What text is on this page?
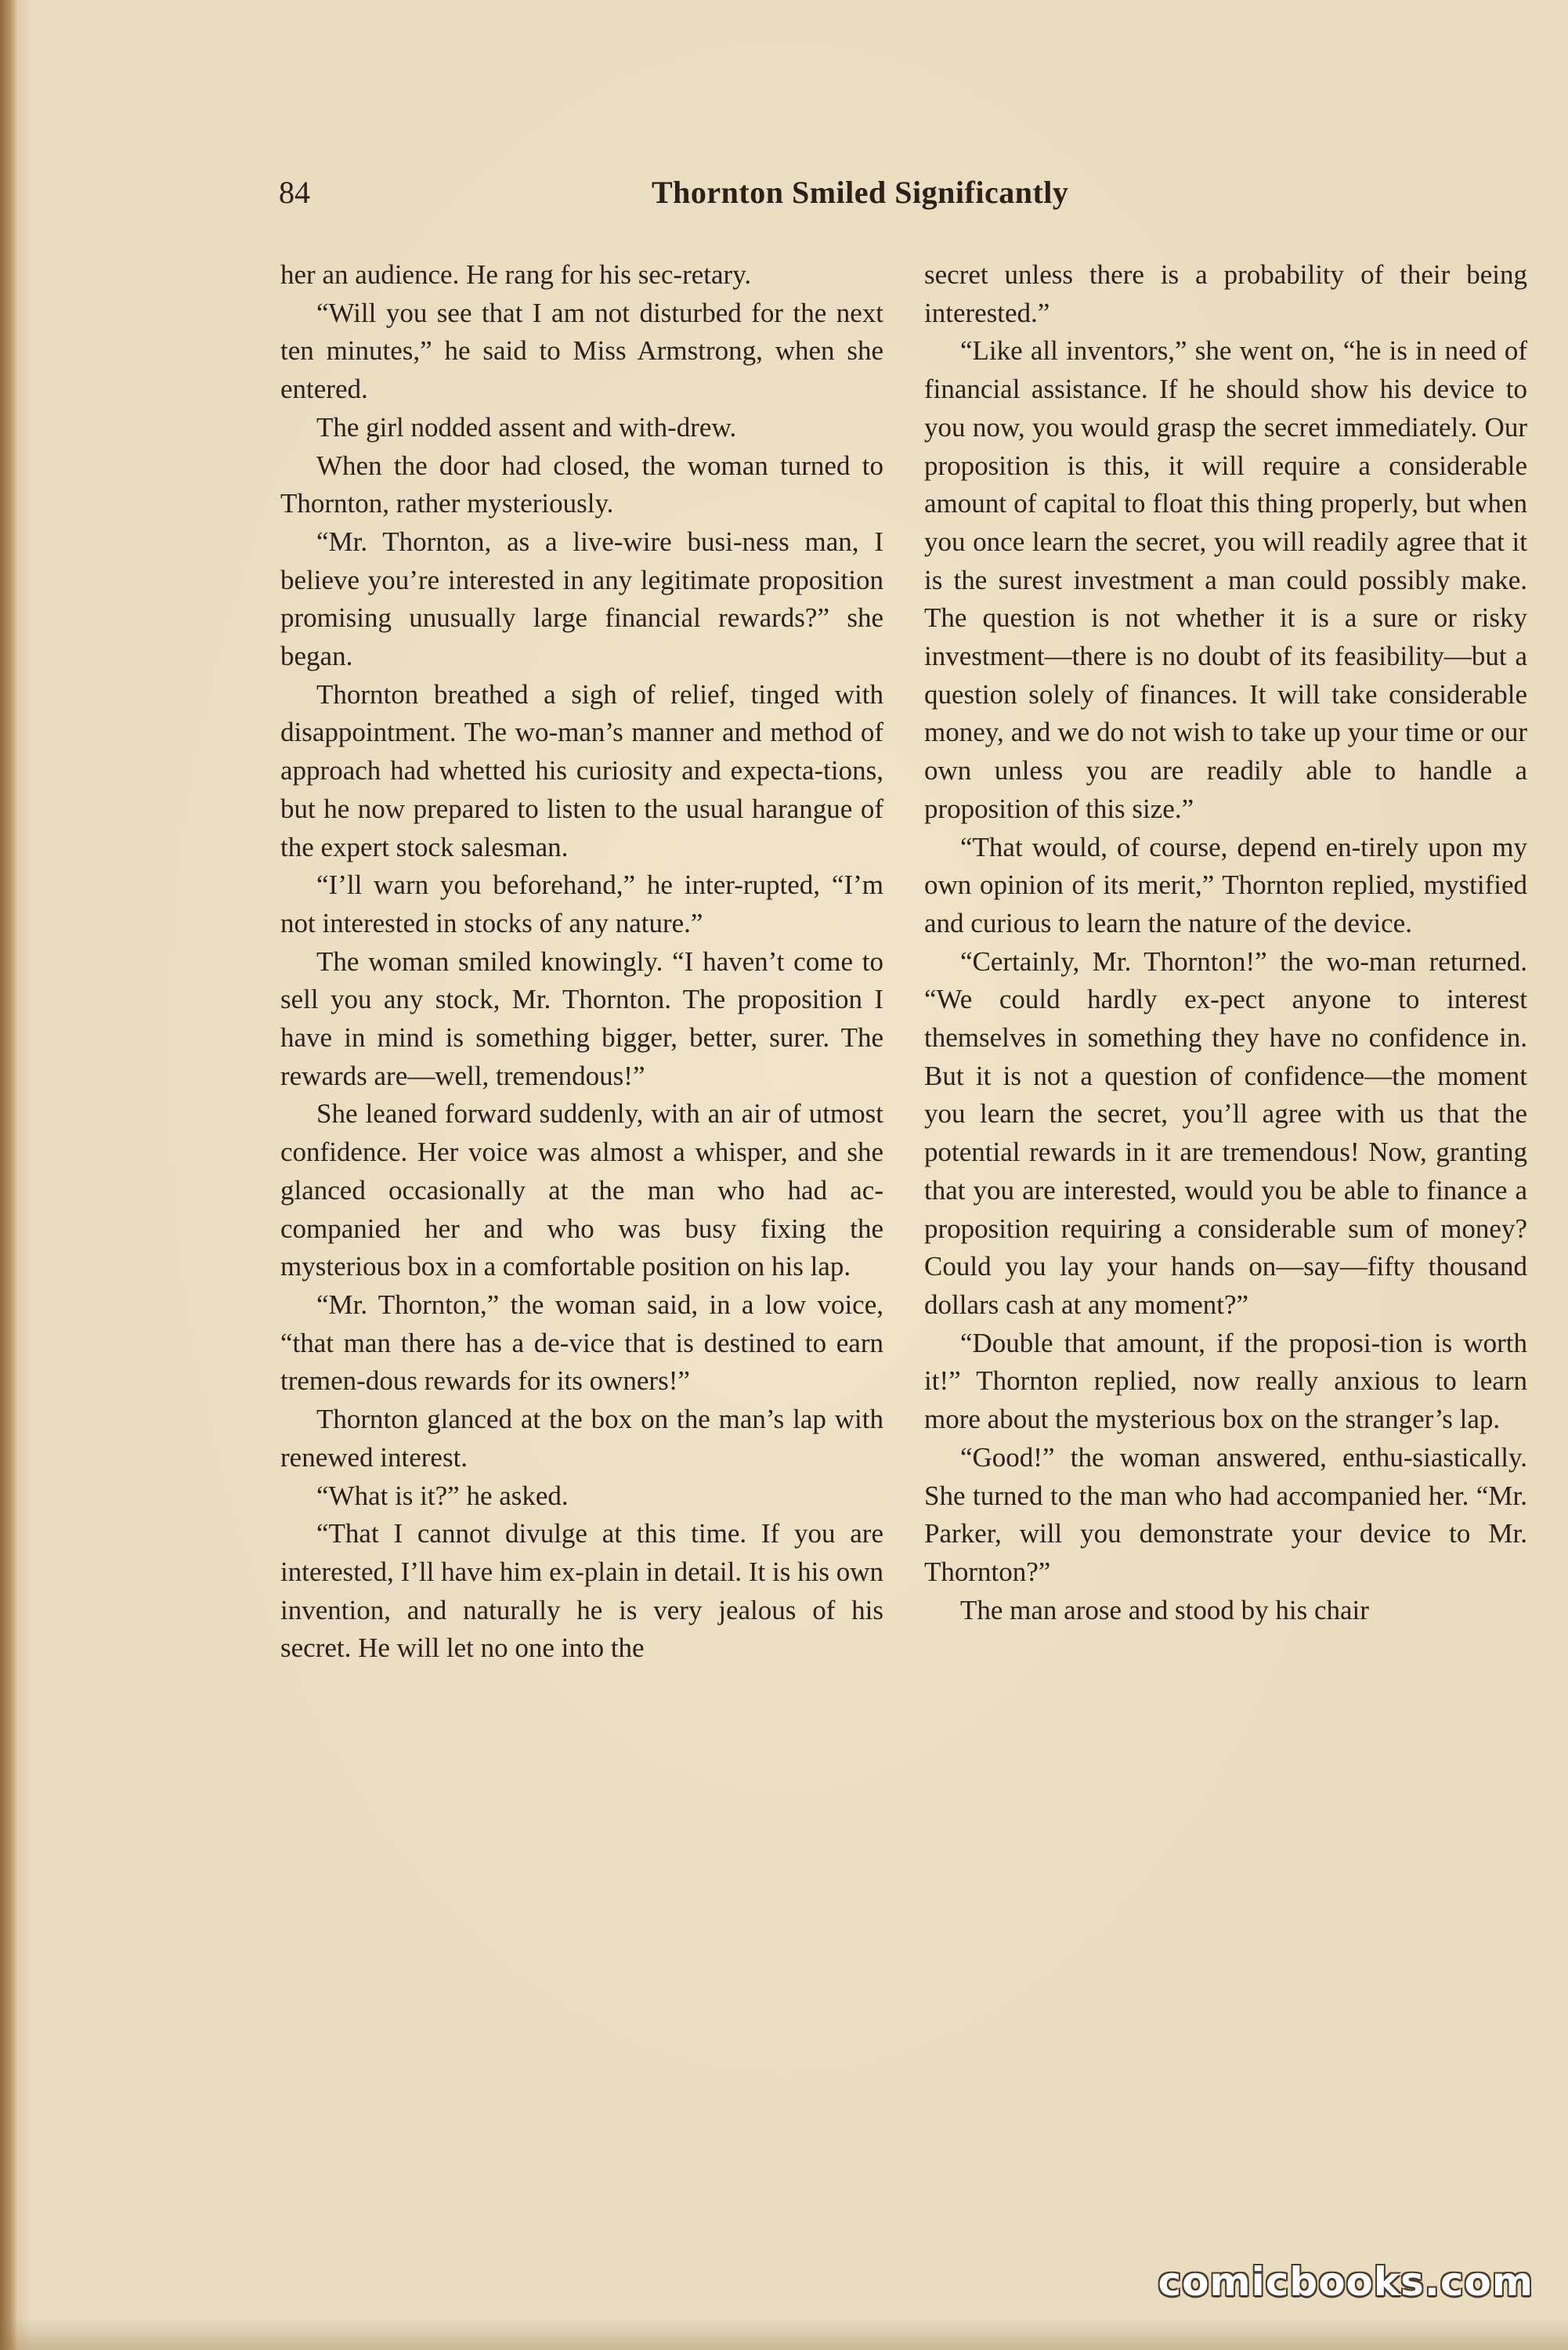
84	Thornton Smiled Significantly

her an audience. He rang for his sec-retary.

“Will you see that I am not disturbed for the next ten minutes,” he said to Miss Armstrong, when she entered.

The girl nodded assent and with-drew.

When the door had closed, the woman turned to Thornton, rather mysteriously.

“Mr. Thornton, as a live-wire busi-ness man, I believe you’re interested in any legitimate proposition promising unusually large financial rewards?” she began.

Thornton breathed a sigh of relief, tinged with disappointment. The wo-man’s manner and method of approach had whetted his curiosity and expecta-tions, but he now prepared to listen to the usual harangue of the expert stock salesman.

“I’ll warn you beforehand,” he inter-rupted, “I’m not interested in stocks of any nature.”

The woman smiled knowingly. “I haven’t come to sell you any stock, Mr. Thornton. The proposition I have in mind is something bigger, better, surer. The rewards are—well, tremendous!”

She leaned forward suddenly, with an air of utmost confidence. Her voice was almost a whisper, and she glanced occasionally at the man who had ac-companied her and who was busy fixing the mysterious box in a comfortable position on his lap.

“Mr. Thornton,” the woman said, in a low voice, “that man there has a de-vice that is destined to earn tremen-dous rewards for its owners!”

Thornton glanced at the box on the man’s lap with renewed interest.

“What is it?” he asked.

“That I cannot divulge at this time. If you are interested, I’ll have him ex-plain in detail. It is his own invention, and naturally he is very jealous of his secret. He will let no one into the

secret unless there is a probability of their being interested.”

“Like all inventors,” she went on, “he is in need of financial assistance. If he should show his device to you now, you would grasp the secret immediately. Our proposition is this, it will require a considerable amount of capital to float this thing properly, but when you once learn the secret, you will readily agree that it is the surest investment a man could possibly make. The question is not whether it is a sure or risky investment—there is no doubt of its feasibility—but a question solely of finances. It will take considerable money, and we do not wish to take up your time or our own unless you are readily able to handle a proposition of this size.”

“That would, of course, depend en-tirely upon my own opinion of its merit,” Thornton replied, mystified and curious to learn the nature of the device.

“Certainly, Mr. Thornton!” the wo-man returned. “We could hardly ex-pect anyone to interest themselves in something they have no confidence in. But it is not a question of confidence—the moment you learn the secret, you’ll agree with us that the potential rewards in it are tremendous! Now, granting that you are interested, would you be able to finance a proposition requiring a considerable sum of money? Could you lay your hands on—say—fifty thousand dollars cash at any moment?”

“Double that amount, if the proposi-tion is worth it!” Thornton replied, now really anxious to learn more about the mysterious box on the stranger’s lap.

“Good!” the woman answered, enthu-siastically. She turned to the man who had accompanied her. “Mr. Parker, will you demonstrate your device to Mr. Thornton?”

The man arose and stood by his chair

comicbooks.com
